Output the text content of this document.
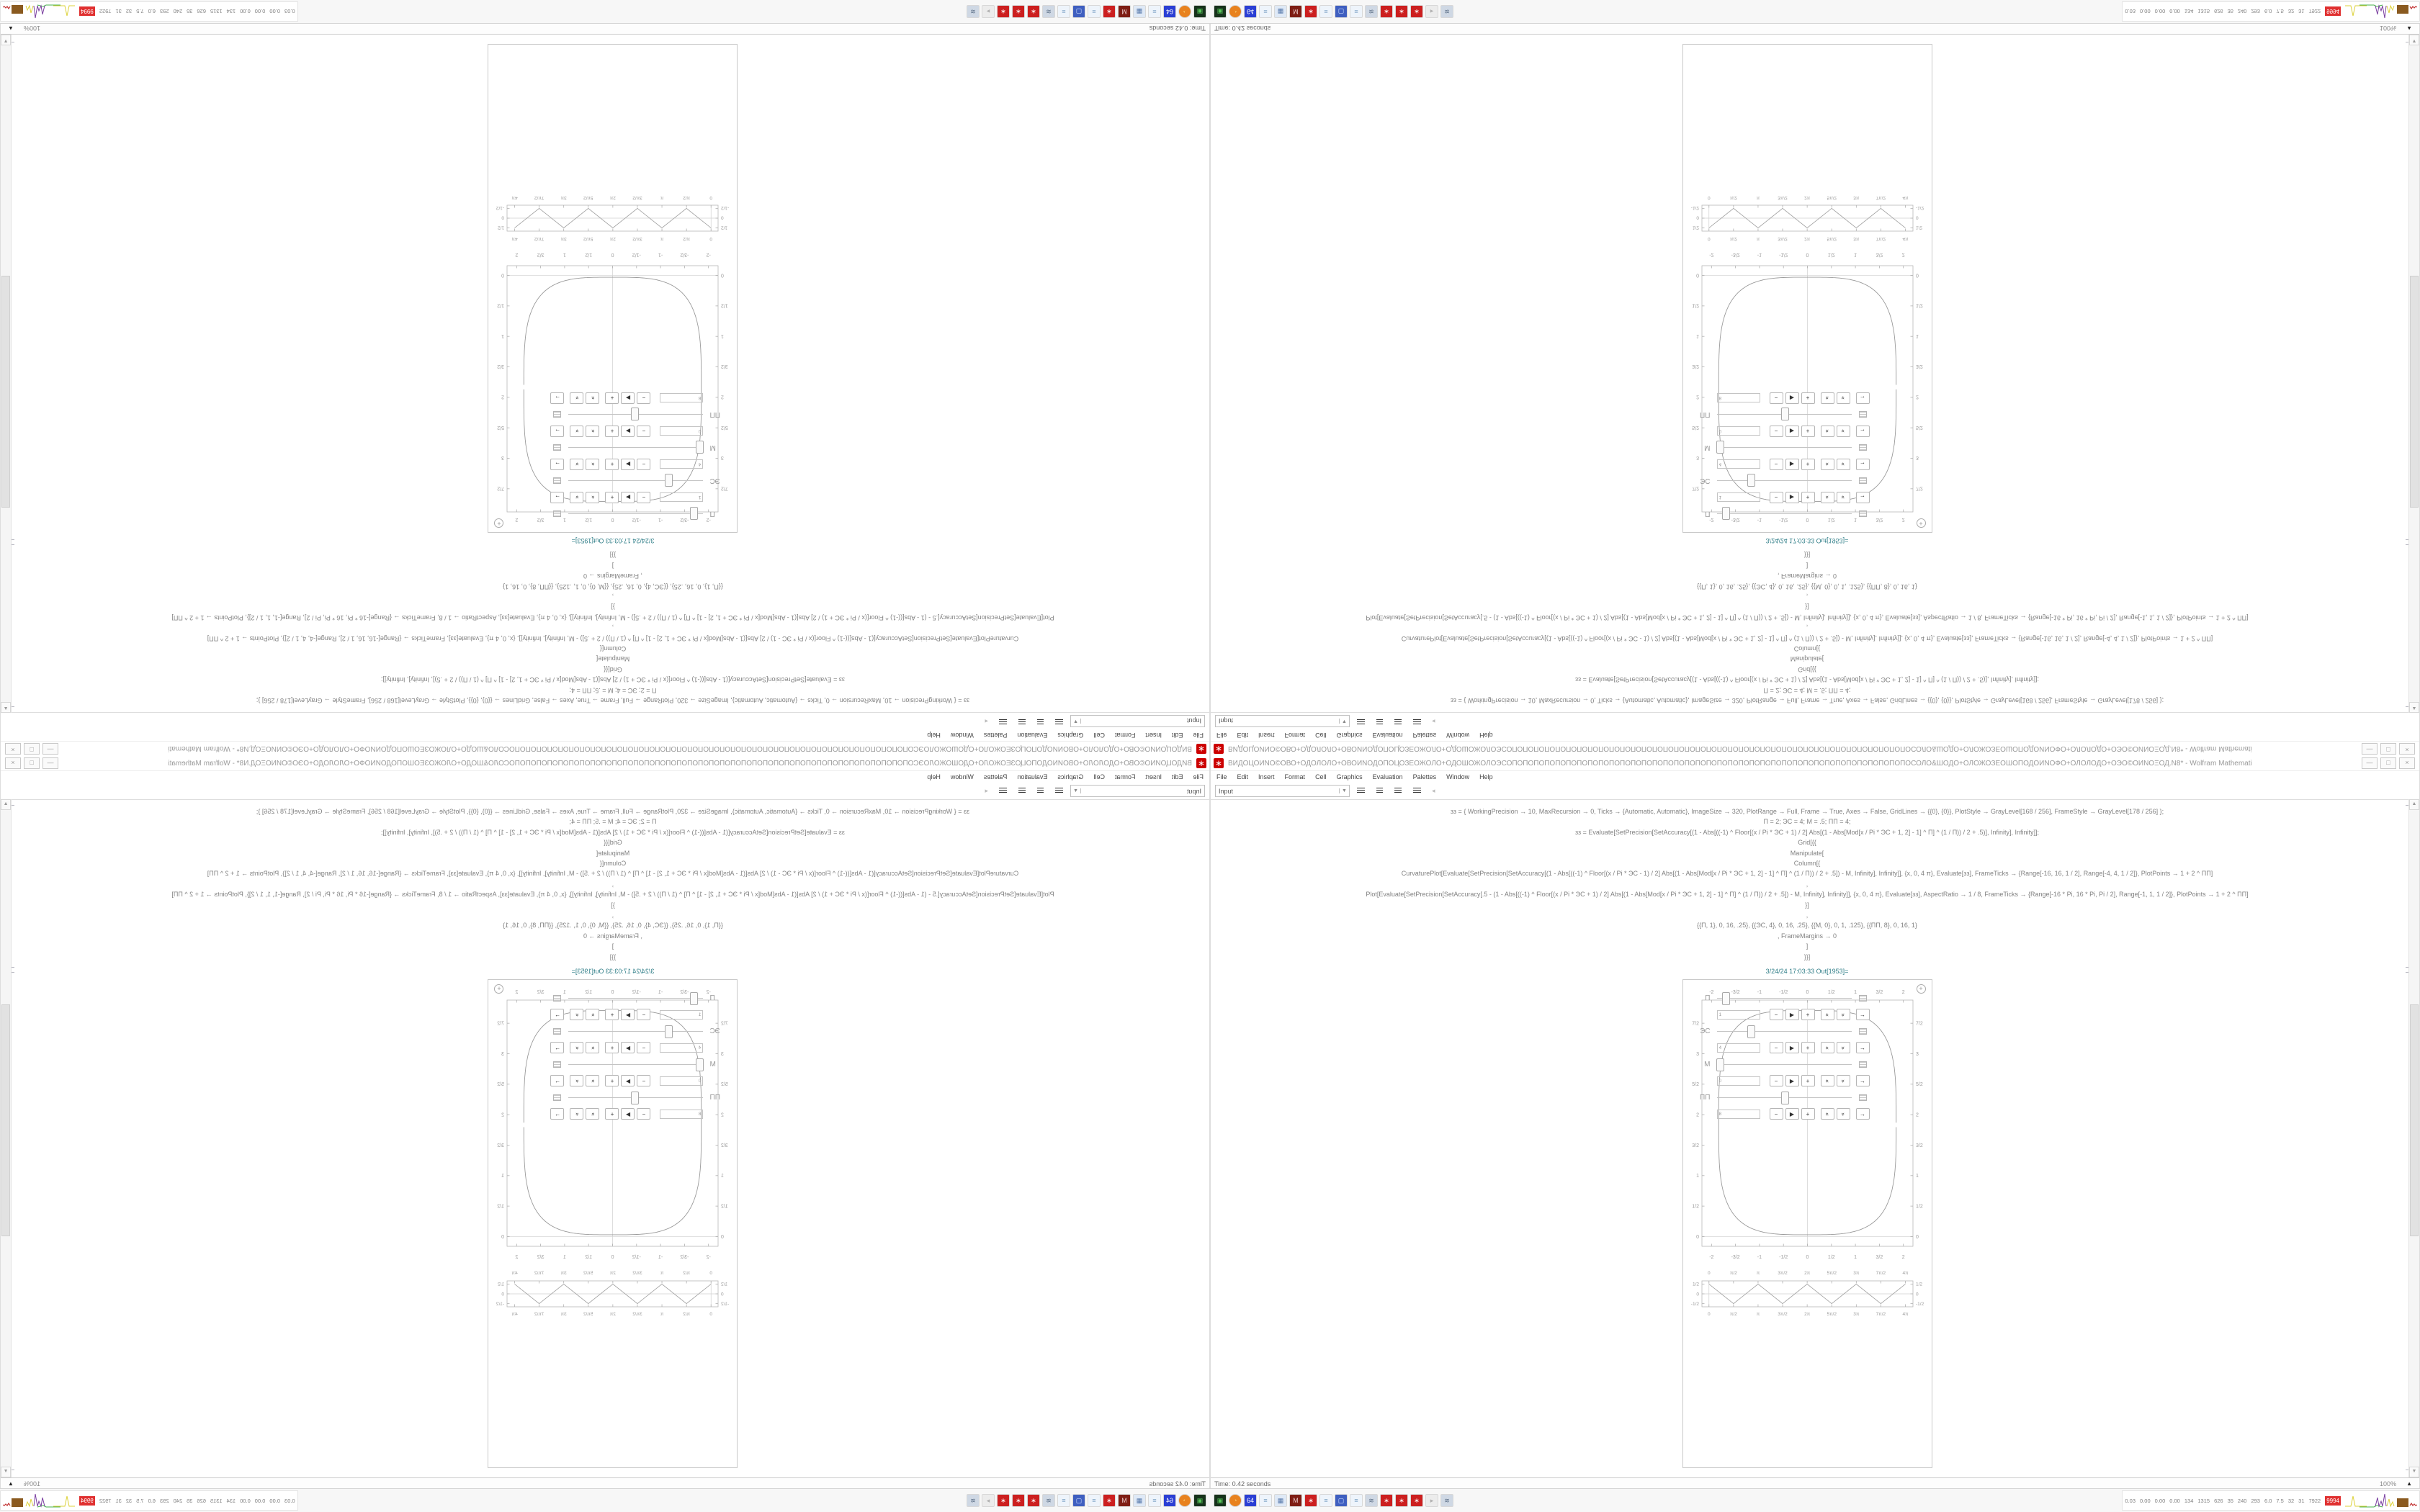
∗ ВИДОЦОИNО©ОВО+ОДОЛОЛО+ОВОИNОДОПОЦОЗЕОЖОЛО+ОДОШОЖОЛОЭСОПОПОПОПОПОПОПОПОПОПОПОПОПОПОПОПОПОПОПОПОПОПОПОПОПОПОПОПОПОПОПОПОПОПОПОПОПОСОЛО&ШОДО+ОЛОЖОЗЕОШОПОДОИNОФО+ОЛОЛОДО+ОЭО©ОИNОΞОД.N8* - Wolfram Mathemati	—	□	×
File Edit Insert Format Cell Graphics Evaluation Palettes Window Help
Input	▼	◂
зз = { WorkingPrecision → 10, MaxRecursion → 0, Ticks → {Automatic, Automatic}, ImageSize → 320, PlotRange → Full, Frame → True, Axes → False, GridLines → {{0}, {0}}, PlotStyle → GrayLevel[168 / 256], FrameStyle → GrayLevel[178 / 256] };
Π = 2; ЭС = 4; M = .5; ΠΠ = 4;
зз = Evaluate[SetPrecision[SetAccuracy[(1 - Abs[((-1) ^ Floor[(x / Pi * ЭС + 1) / 2] Abs[(1 - Abs[Mod[x / Pi * ЭС + 1, 2] - 1] ^ Π] ^ (1 / Π)) / 2 + .5)], Infinity], Infinity]];
Grid[{{
Manipulate[
Column[{
CurvaturePlot[Evaluate[SetPrecision[SetAccuracy[(1 - Abs[((-1) ^ Floor[(x / Pi * ЭС - 1) / 2] Abs[(1 - Abs[Mod[x / Pi * ЭС + 1, 2] - 1] ^ Π] ^ (1 / Π)) / 2 + .5]) - M, Infinity], Infinity]], {x, 0, 4 π}, Evaluate[зз], FrameTicks → {Range[-16, 16, 1 / 2], Range[-4, 4, 1 / 2]}, PlotPoints → 1 + 2 ^ ΠΠ]
,
Plot[Evaluate[SetPrecision[SetAccuracy[.5 - (1 - Abs[((-1) ^ Floor[(x / Pi * ЭС + 1) / 2] Abs[(1 - Abs[Mod[x / Pi * ЭС + 1, 2] - 1] ^ Π] ^ (1 / Π)) / 2 + .5]) - M, Infinity], Infinity]], {x, 0, 4 π}, Evaluate[зз], AspectRatio → 1 / 8, FrameTicks → {Range[-16 * Pi, 16 * Pi, Pi / 2], Range[-1, 1, 1 / 2]}, PlotPoints → 1 + 2 ^ ΠΠ]
}]
,
{{Π, 1}, 0, 16, .25}, {{ЭС, 4}, 0, 16, .25}, {{M, 0}, 0, 1, .125}, {{ΠΠ, 8}, 0, 16, 1}
, FrameMargins → 0
]
}}]
3/24/24 17:03:33 Out[1953]=
+
Π
1	− ▶ +	« » →
ЭС
4	− ▶ +	« » →
M
0	− ▶ +	« » →
ΠΠ
8	− ▶ +	« » →
-2
-2
-3/2
-3/2
-1
-1
-1/2
-1/2
0
0
1/2
1/2
1
1
3/2
3/2
2
2
0	0
1/2	1/2
1	1
3/2	3/2
2	2
5/2	5/2
3	3
7/2	7/2
0
0
π/2
π/2
π
π
3π/2
3π/2
2π
2π
5π/2
5π/2
3π
3π
7π/2
7π/2
4π
4π
1/2	1/2
0	0
-1/2	-1/2
▲
▼
Time: 0.42 seconds	100% ▲
▣	◔	64	≡	▦	M	∗	≡	▢	≡	≋	∗	∗	∗	▸	≋	0.03 0.00 0.00 0.00 134 1315 626 35 240 293 6.0 7.5 32 31 7922 9994
∗
ВИДОЦОИNО©ОВО+ОДОЛОЛО+ОВОИNОДОПОЦОЗЕОЖОЛО+ОДОШОЖОЛОЭСОПОПОПОПОПОПОПОПОПОПОПОПОПОПОПОПОПОПОПОПОПОПОПОПОПОПОПОПОПОПОПОПОПОПОПОПОПОСОЛО&ШОДО+ОЛОЖОЗЕОШОПОДОИNОФО+ОЛОЛОДО+ОЭО©ОИNОΞОД.N8* - Wolfram Mathemati
—
□
×
File
Edit
Insert
Format
Cell
Graphics
Evaluation
Palettes
Window
Help
Input
▼
◂
зз = { WorkingPrecision → 10, MaxRecursion → 0, Ticks → {Automatic, Automatic}, ImageSize → 320, PlotRange → Full, Frame → True, Axes → False, GridLines → {{0}, {0}}, PlotStyle → GrayLevel[168 / 256], FrameStyle → GrayLevel[178 / 256] };
Π = 2; ЭС = 4; M = .5; ΠΠ = 4;
зз = Evaluate[SetPrecision[SetAccuracy[(1 - Abs[((-1) ^ Floor[(x / Pi * ЭС + 1) / 2] Abs[(1 - Abs[Mod[x / Pi * ЭС + 1, 2] - 1] ^ Π] ^ (1 / Π)) / 2 + .5)], Infinity], Infinity]];
Grid[{{
Manipulate[
Column[{
CurvaturePlot[Evaluate[SetPrecision[SetAccuracy[(1 - Abs[((-1) ^ Floor[(x / Pi * ЭС - 1) / 2] Abs[(1 - Abs[Mod[x / Pi * ЭС + 1, 2] - 1] ^ Π] ^ (1 / Π)) / 2 + .5]) - M, Infinity], Infinity]], {x, 0, 4 π}, Evaluate[зз], FrameTicks → {Range[-16, 16, 1 / 2], Range[-4, 4, 1 / 2]}, PlotPoints → 1 + 2 ^ ΠΠ]
,
Plot[Evaluate[SetPrecision[SetAccuracy[.5 - (1 - Abs[((-1) ^ Floor[(x / Pi * ЭС + 1) / 2] Abs[(1 - Abs[Mod[x / Pi * ЭС + 1, 2] - 1] ^ Π] ^ (1 / Π)) / 2 + .5]) - M, Infinity], Infinity]], {x, 0, 4 π}, Evaluate[зз], AspectRatio → 1 / 8, FrameTicks → {Range[-16 * Pi, 16 * Pi, Pi / 2], Range[-1, 1, 1 / 2]}, PlotPoints → 1 + 2 ^ ΠΠ]
}]
,
{{Π, 1}, 0, 16, .25}, {{ЭС, 4}, 0, 16, .25}, {{M, 0}, 0, 1, .125}, {{ΠΠ, 8}, 0, 16, 1}
, FrameMargins → 0
]
}}]
3/24/24 17:03:33 Out[1953]=
+
Π
1
−
▶
+
«
»
→
ЭС
4
−
▶
+
«
»
→
M
0
−
▶
+
«
»
→
ΠΠ
8
−
▶
+
«
»
→
-2
-2
-3/2
-3/2
-1
-1
-1/2
-1/2
0
0
1/2
1/2
1
1
3/2
3/2
2
2
0
0
1/2
1/2
1
1
3/2
3/2
2
2
5/2
5/2
3
3
7/2
7/2
0
0
π/2
π/2
π
π
3π/2
3π/2
2π
2π
5π/2
5π/2
3π
3π
7π/2
7π/2
4π
4π
1/2
1/2
0
0
-1/2
-1/2
▲
▼
Time: 0.42 seconds
100%
▲
▣
◔
64
≡
▦
M
∗
≡
▢
≡
≋
∗
∗
∗
▸
≋
0.03
0.00
0.00
0.00
134
1315
626
35
240
293
6.0
7.5
32
31
7922
9994
∗ ВИДОЦОИNО©ОВО+ОДОЛОЛО+ОВОИNОДОПОЦОЗЕОЖОЛО+ОДОШОЖОЛОЭСОПОПОПОПОПОПОПОПОПОПОПОПОПОПОПОПОПОПОПОПОПОПОПОПОПОПОПОПОПОПОПОПОПОПОПОПОПОСОЛО&ШОДО+ОЛОЖОЗЕОШОПОДОИNОФО+ОЛОЛОДО+ОЭО©ОИNОΞОД.N8* - Wolfram Mathemati	—	□	×
File Edit Insert Format Cell Graphics Evaluation Palettes Window Help
Input	▼	◂
зз = { WorkingPrecision → 10, MaxRecursion → 0, Ticks → {Automatic, Automatic}, ImageSize → 320, PlotRange → Full, Frame → True, Axes → False, GridLines → {{0}, {0}}, PlotStyle → GrayLevel[168 / 256], FrameStyle → GrayLevel[178 / 256] };
Π = 2; ЭС = 4; M = .5; ΠΠ = 4;
зз = Evaluate[SetPrecision[SetAccuracy[(1 - Abs[((-1) ^ Floor[(x / Pi * ЭС + 1) / 2] Abs[(1 - Abs[Mod[x / Pi * ЭС + 1, 2] - 1] ^ Π] ^ (1 / Π)) / 2 + .5)], Infinity], Infinity]];
Grid[{{
Manipulate[
Column[{
CurvaturePlot[Evaluate[SetPrecision[SetAccuracy[(1 - Abs[((-1) ^ Floor[(x / Pi * ЭС - 1) / 2] Abs[(1 - Abs[Mod[x / Pi * ЭС + 1, 2] - 1] ^ Π] ^ (1 / Π)) / 2 + .5]) - M, Infinity], Infinity]], {x, 0, 4 π}, Evaluate[зз], FrameTicks → {Range[-16, 16, 1 / 2], Range[-4, 4, 1 / 2]}, PlotPoints → 1 + 2 ^ ΠΠ]
,
Plot[Evaluate[SetPrecision[SetAccuracy[.5 - (1 - Abs[((-1) ^ Floor[(x / Pi * ЭС + 1) / 2] Abs[(1 - Abs[Mod[x / Pi * ЭС + 1, 2] - 1] ^ Π] ^ (1 / Π)) / 2 + .5]) - M, Infinity], Infinity]], {x, 0, 4 π}, Evaluate[зз], AspectRatio → 1 / 8, FrameTicks → {Range[-16 * Pi, 16 * Pi, Pi / 2], Range[-1, 1, 1 / 2]}, PlotPoints → 1 + 2 ^ ΠΠ]
}]
,
{{Π, 1}, 0, 16, .25}, {{ЭС, 4}, 0, 16, .25}, {{M, 0}, 0, 1, .125}, {{ΠΠ, 8}, 0, 16, 1}
, FrameMargins → 0
]
}}]
3/24/24 17:03:33 Out[1953]=
+
Π
1	− ▶ +	« » →
ЭС
4	− ▶ +	« » →
M
0	− ▶ +	« » →
ΠΠ
8	− ▶ +	« » →
-2
-2
-3/2
-3/2
-1
-1
-1/2
-1/2
0
0
1/2
1/2
1
1
3/2
3/2
2
2
0	0
1/2	1/2
1	1
3/2	3/2
2	2
5/2	5/2
3	3
7/2	7/2
0
0
π/2
π/2
π
π
3π/2
3π/2
2π
2π
5π/2
5π/2
3π
3π
7π/2
7π/2
4π
4π
1/2	1/2
0	0
-1/2	-1/2
▲
▼
Time: 0.42 seconds	100% ▲
▣	◔	64	≡	▦	M	∗	≡	▢	≡	≋	∗	∗	∗	▸	≋	0.03 0.00 0.00 0.00 134 1315 626 35 240 293 6.0 7.5 32 31 7922 9994
∗
ВИДОЦОИNО©ОВО+ОДОЛОЛО+ОВОИNОДОПОЦОЗЕОЖОЛО+ОДОШОЖОЛОЭСОПОПОПОПОПОПОПОПОПОПОПОПОПОПОПОПОПОПОПОПОПОПОПОПОПОПОПОПОПОПОПОПОПОПОПОПОПОСОЛО&ШОДО+ОЛОЖОЗЕОШОПОДОИNОФО+ОЛОЛОДО+ОЭО©ОИNОΞОД.N8* - Wolfram Mathemati
—
□
×
File
Edit
Insert
Format
Cell
Graphics
Evaluation
Palettes
Window
Help
Input
▼
◂
зз = { WorkingPrecision → 10, MaxRecursion → 0, Ticks → {Automatic, Automatic}, ImageSize → 320, PlotRange → Full, Frame → True, Axes → False, GridLines → {{0}, {0}}, PlotStyle → GrayLevel[168 / 256], FrameStyle → GrayLevel[178 / 256] };
Π = 2; ЭС = 4; M = .5; ΠΠ = 4;
зз = Evaluate[SetPrecision[SetAccuracy[(1 - Abs[((-1) ^ Floor[(x / Pi * ЭС + 1) / 2] Abs[(1 - Abs[Mod[x / Pi * ЭС + 1, 2] - 1] ^ Π] ^ (1 / Π)) / 2 + .5)], Infinity], Infinity]];
Grid[{{
Manipulate[
Column[{
CurvaturePlot[Evaluate[SetPrecision[SetAccuracy[(1 - Abs[((-1) ^ Floor[(x / Pi * ЭС - 1) / 2] Abs[(1 - Abs[Mod[x / Pi * ЭС + 1, 2] - 1] ^ Π] ^ (1 / Π)) / 2 + .5]) - M, Infinity], Infinity]], {x, 0, 4 π}, Evaluate[зз], FrameTicks → {Range[-16, 16, 1 / 2], Range[-4, 4, 1 / 2]}, PlotPoints → 1 + 2 ^ ΠΠ]
,
Plot[Evaluate[SetPrecision[SetAccuracy[.5 - (1 - Abs[((-1) ^ Floor[(x / Pi * ЭС + 1) / 2] Abs[(1 - Abs[Mod[x / Pi * ЭС + 1, 2] - 1] ^ Π] ^ (1 / Π)) / 2 + .5]) - M, Infinity], Infinity]], {x, 0, 4 π}, Evaluate[зз], AspectRatio → 1 / 8, FrameTicks → {Range[-16 * Pi, 16 * Pi, Pi / 2], Range[-1, 1, 1 / 2]}, PlotPoints → 1 + 2 ^ ΠΠ]
}]
,
{{Π, 1}, 0, 16, .25}, {{ЭС, 4}, 0, 16, .25}, {{M, 0}, 0, 1, .125}, {{ΠΠ, 8}, 0, 16, 1}
, FrameMargins → 0
]
}}]
3/24/24 17:03:33 Out[1953]=
+
Π
1
−
▶
+
«
»
→
ЭС
4
−
▶
+
«
»
→
M
0
−
▶
+
«
»
→
ΠΠ
8
−
▶
+
«
»
→
-2
-2
-3/2
-3/2
-1
-1
-1/2
-1/2
0
0
1/2
1/2
1
1
3/2
3/2
2
2
0
0
1/2
1/2
1
1
3/2
3/2
2
2
5/2
5/2
3
3
7/2
7/2
0
0
π/2
π/2
π
π
3π/2
3π/2
2π
2π
5π/2
5π/2
3π
3π
7π/2
7π/2
4π
4π
1/2
1/2
0
0
-1/2
-1/2
▲
▼
Time: 0.42 seconds
100%
▲
▣
◔
64
≡
▦
M
∗
≡
▢
≡
≋
∗
∗
∗
▸
≋
0.03
0.00
0.00
0.00
134
1315
626
35
240
293
6.0
7.5
32
31
7922
9994
